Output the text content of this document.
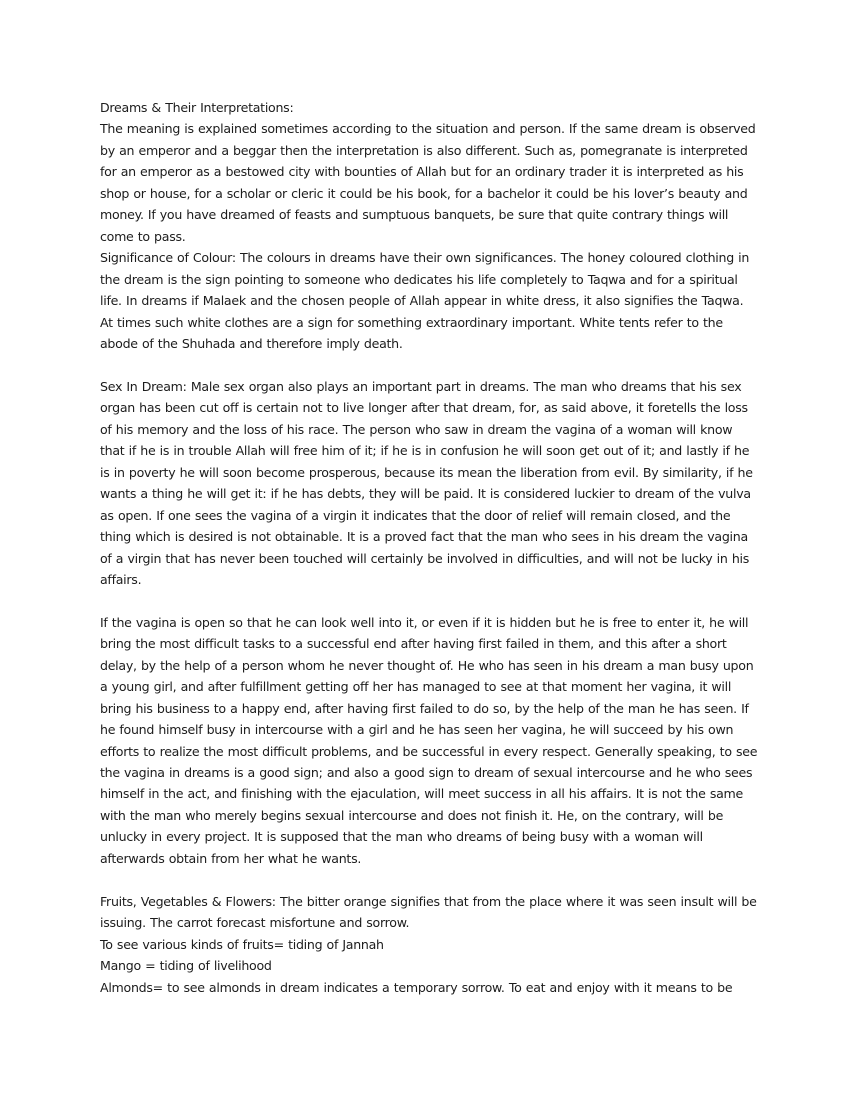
Dreams & Their Interpretations:

The meaning is explained sometimes according to the situation and person. If the same dream is observed by an emperor and a beggar then the interpretation is also different. Such as, pomegranate is interpreted for an emperor as a bestowed city with bounties of Allah but for an ordinary trader it is interpreted as his shop or house, for a scholar or cleric it could be his book, for a bachelor it could be his lover’s beauty and money. If you have dreamed of feasts and sumptuous banquets, be sure that quite contrary things will come to pass.

Significance of Colour: The colours in dreams have their own significances. The honey coloured clothing in the dream is the sign pointing to someone who dedicates his life completely to Taqwa and for a spiritual life. In dreams if Malaek and the chosen people of Allah appear in white dress, it also signifies the Taqwa. At times such white clothes are a sign for something extraordinary important. White tents refer to the abode of the Shuhada and therefore imply death.

Sex In Dream: Male sex organ also plays an important part in dreams. The man who dreams that his sex organ has been cut off is certain not to live longer after that dream, for, as said above, it foretells the loss of his memory and the loss of his race. The person who saw in dream the vagina of a woman will know that if he is in trouble Allah will free him of it; if he is in confusion he will soon get out of it; and lastly if he is in poverty he will soon become prosperous, because its mean the liberation from evil. By similarity, if he wants a thing he will get it: if he has debts, they will be paid. It is considered luckier to dream of the vulva as open. If one sees the vagina of a virgin it indicates that the door of relief will remain closed, and the thing which is desired is not obtainable. It is a proved fact that the man who sees in his dream the vagina of a virgin that has never been touched will certainly be involved in difficulties, and will not be lucky in his affairs.

If the vagina is open so that he can look well into it, or even if it is hidden but he is free to enter it, he will bring the most difficult tasks to a successful end after having first failed in them, and this after a short delay, by the help of a person whom he never thought of. He who has seen in his dream a man busy upon a young girl, and after fulfillment getting off her has managed to see at that moment her vagina, it will bring his business to a happy end, after having first failed to do so, by the help of the man he has seen. If he found himself busy in intercourse with a girl and he has seen her vagina, he will succeed by his own efforts to realize the most difficult problems, and be successful in every respect. Generally speaking, to see the vagina in dreams is a good sign; and also a good sign to dream of sexual intercourse and he who sees himself in the act, and finishing with the ejaculation, will meet success in all his affairs. It is not the same with the man who merely begins sexual intercourse and does not finish it. He, on the contrary, will be unlucky in every project. It is supposed that the man who dreams of being busy with a woman will afterwards obtain from her what he wants.

Fruits, Vegetables & Flowers: The bitter orange signifies that from the place where it was seen insult will be issuing. The carrot forecast misfortune and sorrow.

To see various kinds of fruits= tiding of Jannah

Mango = tiding of livelihood

Almonds= to see almonds in dream indicates a temporary sorrow. To eat and enjoy with it means to be
